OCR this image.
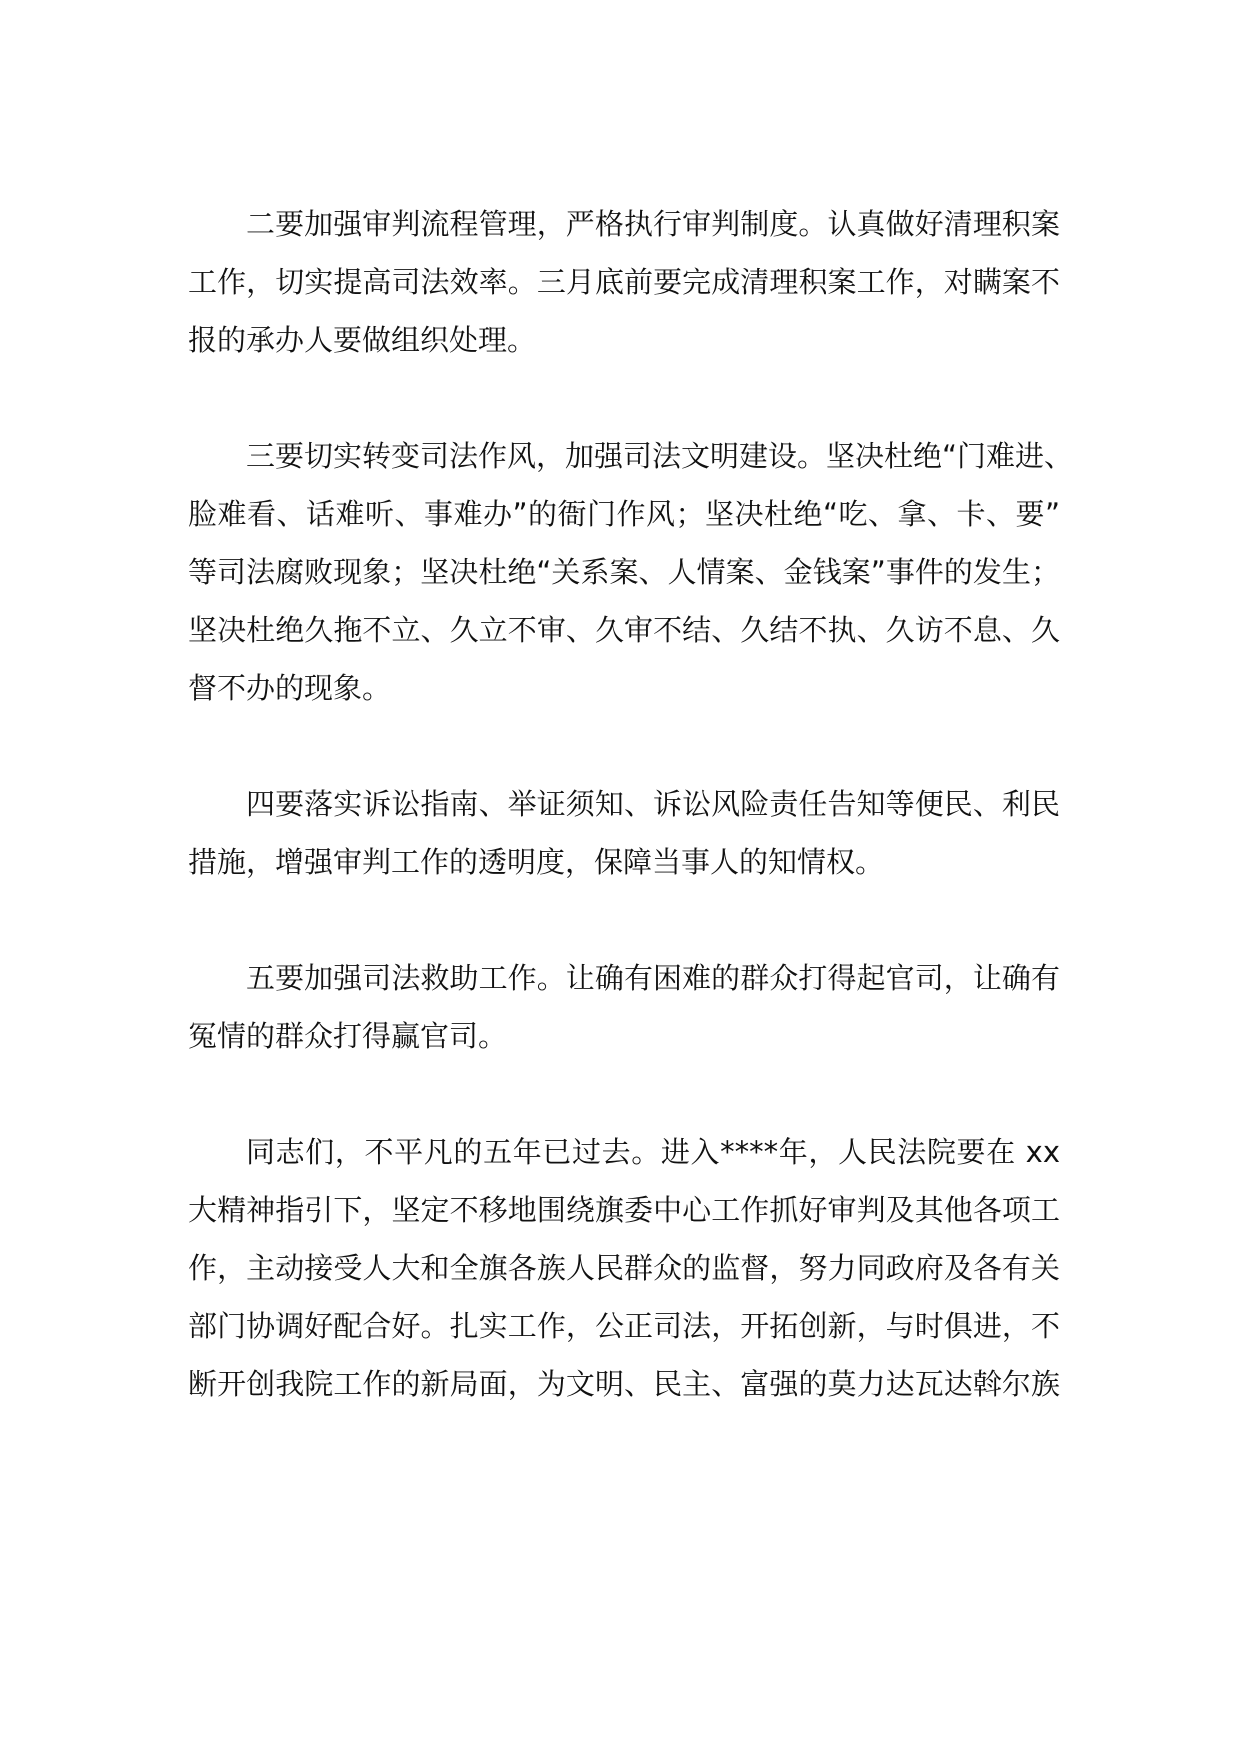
二要加强审判流程管理，严格执行审判制度。认真做好清理积案
工作，切实提高司法效率。三月底前要完成清理积案工作，对瞒案不
报的承办人要做组织处理。
三要切实转变司法作风，加强司法文明建设。坚决杜绝“门难进、
脸难看、话难听、事难办”的衙门作风；坚决杜绝“吃、拿、卡、要”
等司法腐败现象；坚决杜绝“关系案、人情案、金钱案”事件的发生；
坚决杜绝久拖不立、久立不审、久审不结、久结不执、久访不息、久
督不办的现象。
四要落实诉讼指南、举证须知、诉讼风险责任告知等便民、利民
措施，增强审判工作的透明度，保障当事人的知情权。
五要加强司法救助工作。让确有困难的群众打得起官司，让确有
冤情的群众打得赢官司。
同志们，不平凡的五年已过去。进入****年，人民法院要在 xx
大精神指引下，坚定不移地围绕旗委中心工作抓好审判及其他各项工
作，主动接受人大和全旗各族人民群众的监督，努力同政府及各有关
部门协调好配合好。扎实工作，公正司法，开拓创新，与时俱进，不
断开创我院工作的新局面，为文明、民主、富强的莫力达瓦达斡尔族
